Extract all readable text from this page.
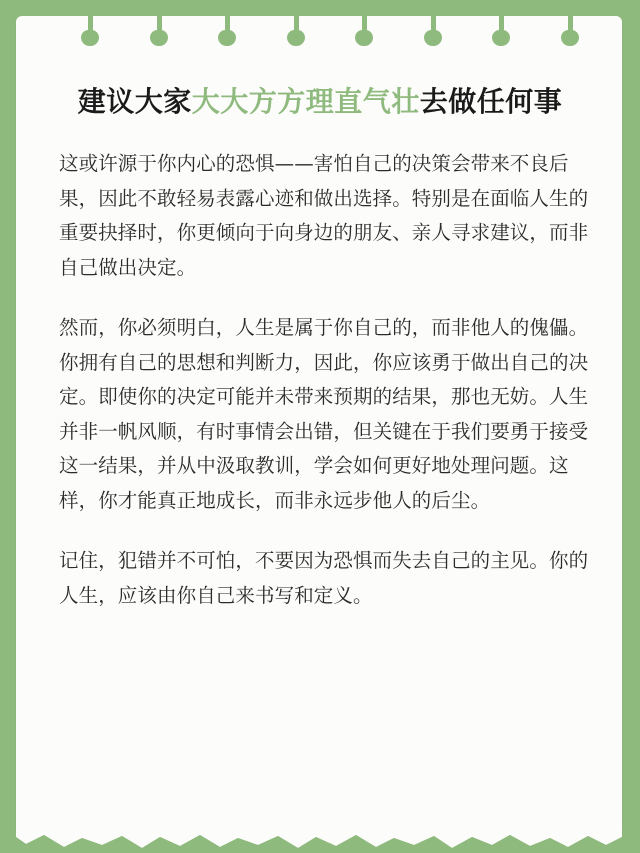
建议大家大大方方理直气壮去做任何事

这或许源于你内心的恐惧——害怕自己的决策会带来不良后果，因此不敢轻易表露心迹和做出选择。特别是在面临人生的重要抉择时，你更倾向于向身边的朋友、亲人寻求建议，而非自己做出决定。

然而，你必须明白，人生是属于你自己的，而非他人的傀儡。你拥有自己的思想和判断力，因此，你应该勇于做出自己的决定。即使你的决定可能并未带来预期的结果，那也无妨。人生并非一帆风顺，有时事情会出错，但关键在于我们要勇于接受这一结果，并从中汲取教训，学会如何更好地处理问题。这样，你才能真正地成长，而非永远步他人的后尘。

记住，犯错并不可怕，不要因为恐惧而失去自己的主见。你的人生，应该由你自己来书写和定义。
